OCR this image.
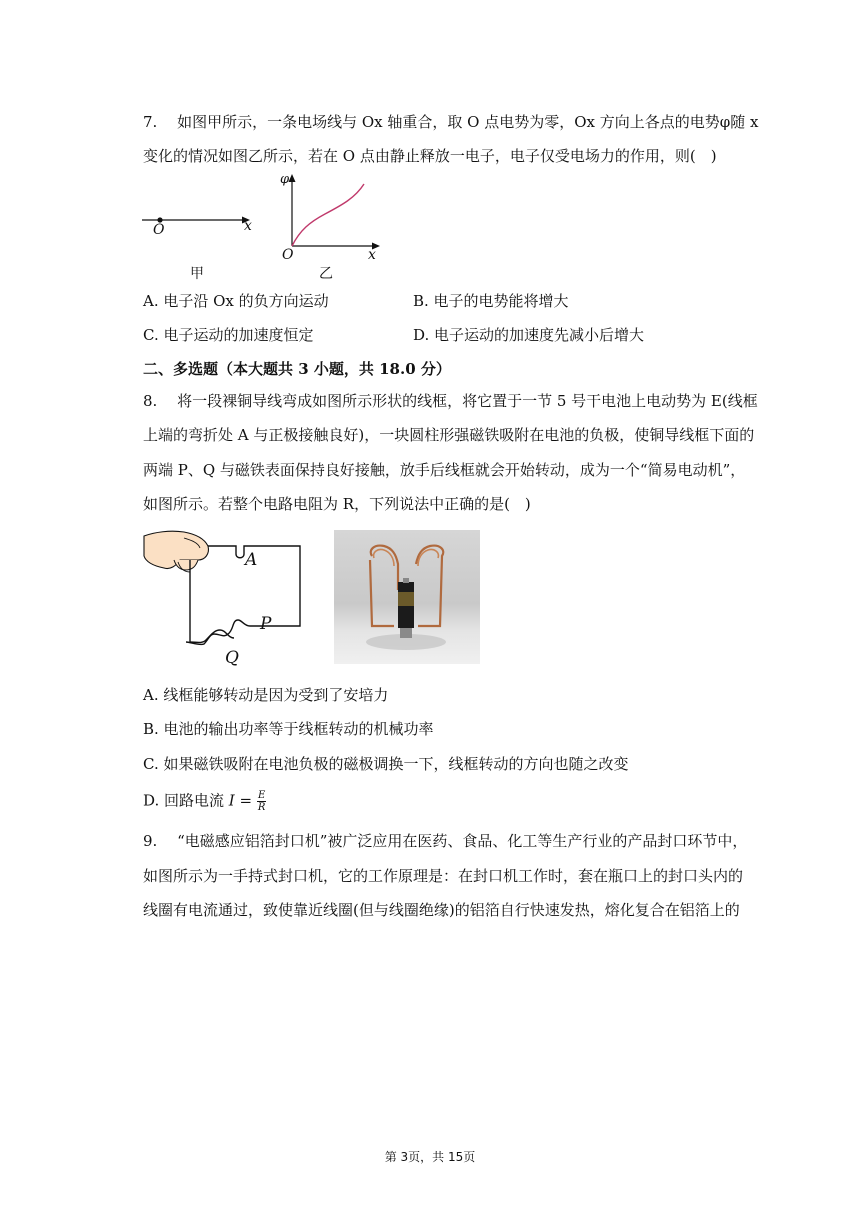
7.　 如图甲所示，一条电场线与 Ox 轴重合，取 O 点电势为零，Ox 方向上各点的电势φ随 x
变化的情况如图乙所示，若在 O 点由静止释放一电子，电子仅受电场力的作用，则(　)
O	x
甲
φ
O	x
乙
A. 电子沿 Ox 的负方向运动	B. 电子的电势能将增大
C. 电子运动的加速度恒定	D. 电子运动的加速度先减小后增大
二、多选题（本大题共 3 小题，共 18.0 分）
8.　 将一段裸铜导线弯成如图所示形状的线框，将它置于一节 5 号干电池上电动势为 E(线框
上端的弯折处 A 与正极接触良好)，一块圆柱形强磁铁吸附在电池的负极，使铜导线框下面的
两端 P、Q 与磁铁表面保持良好接触，放手后线框就会开始转动，成为一个“简易电动机”，
如图所示。若整个电路电阻为 R，下列说法中正确的是(　)
A
P
Q
A. 线框能够转动是因为受到了安培力
B. 电池的输出功率等于线框转动的机械功率
C. 如果磁铁吸附在电池负极的磁极调换一下，线框转动的方向也随之改变
D. 回路电流 $I = \frac{E}{R}$
9.　 “电磁感应铝箔封口机”被广泛应用在医药、食品、化工等生产行业的产品封口环节中，
如图所示为一手持式封口机，它的工作原理是：在封口机工作时，套在瓶口上的封口头内的
线圈有电流通过，致使靠近线圈(但与线圈绝缘)的铝箔自行快速发热，熔化复合在铝箔上的
第 3页，共 15页
